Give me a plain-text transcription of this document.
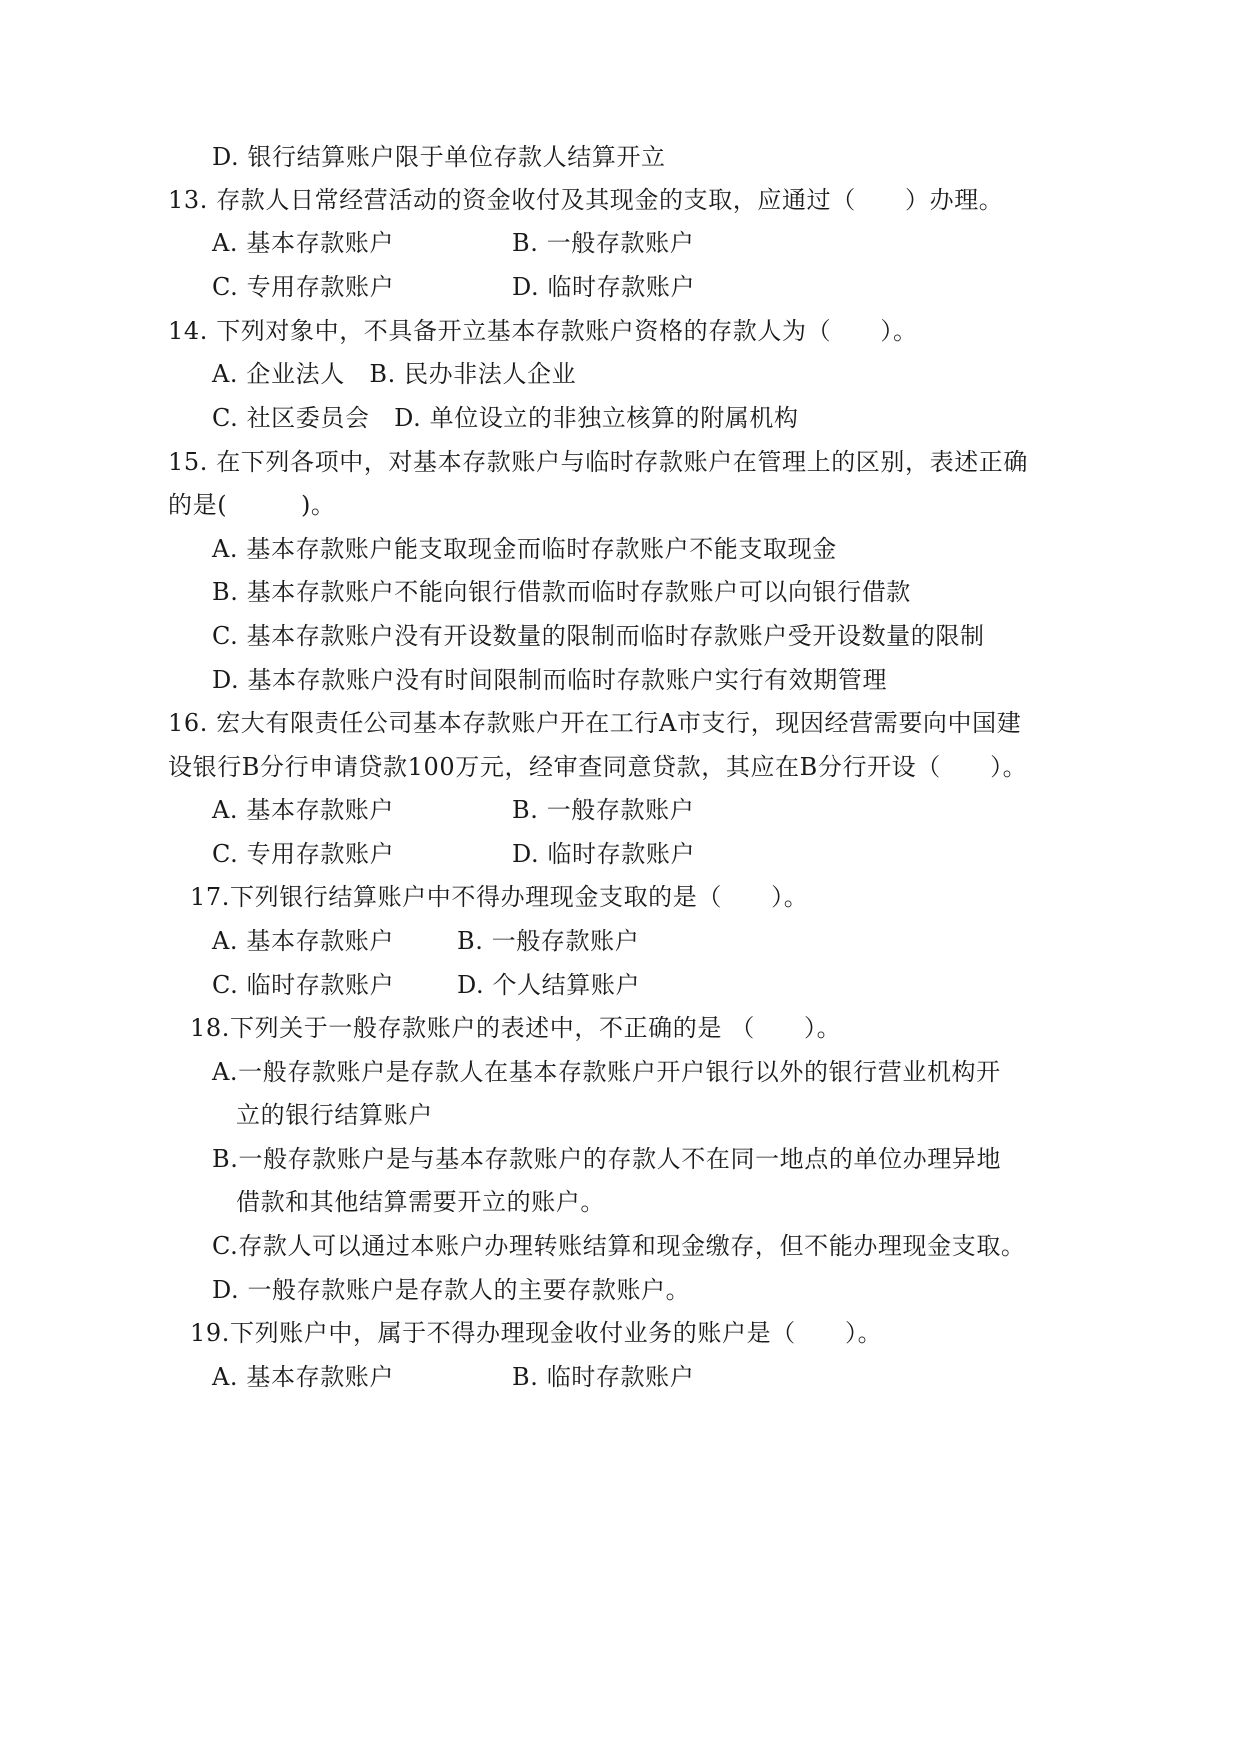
D. 银行结算账户限于单位存款人结算开立
13. 存款人日常经营活动的资金收付及其现金的支取，应通过（　　）办理。
A. 基本存款账户	B. 一般存款账户
C. 专用存款账户	D. 临时存款账户
14. 下列对象中，不具备开立基本存款账户资格的存款人为（　　）。
A. 企业法人　B. 民办非法人企业
C. 社区委员会　D. 单位设立的非独立核算的附属机构
15. 在下列各项中，对基本存款账户与临时存款账户在管理上的区别，表述正确
的是(　　　)。
A. 基本存款账户能支取现金而临时存款账户不能支取现金
B. 基本存款账户不能向银行借款而临时存款账户可以向银行借款
C. 基本存款账户没有开设数量的限制而临时存款账户受开设数量的限制
D. 基本存款账户没有时间限制而临时存款账户实行有效期管理
16. 宏大有限责任公司基本存款账户开在工行A市支行，现因经营需要向中国建
设银行B分行申请贷款100万元，经审查同意贷款，其应在B分行开设（　　）。
A. 基本存款账户	B. 一般存款账户
C. 专用存款账户	D. 临时存款账户
17.下列银行结算账户中不得办理现金支取的是（　　）。
A. 基本存款账户	B. 一般存款账户
C. 临时存款账户	D. 个人结算账户
18.下列关于一般存款账户的表述中，不正确的是 （　　）。
A.一般存款账户是存款人在基本存款账户开户银行以外的银行营业机构开
立的银行结算账户
B.一般存款账户是与基本存款账户的存款人不在同一地点的单位办理异地
借款和其他结算需要开立的账户。
C.存款人可以通过本账户办理转账结算和现金缴存，但不能办理现金支取。
D. 一般存款账户是存款人的主要存款账户。
19.下列账户中，属于不得办理现金收付业务的账户是（　　）。
A. 基本存款账户	B. 临时存款账户
